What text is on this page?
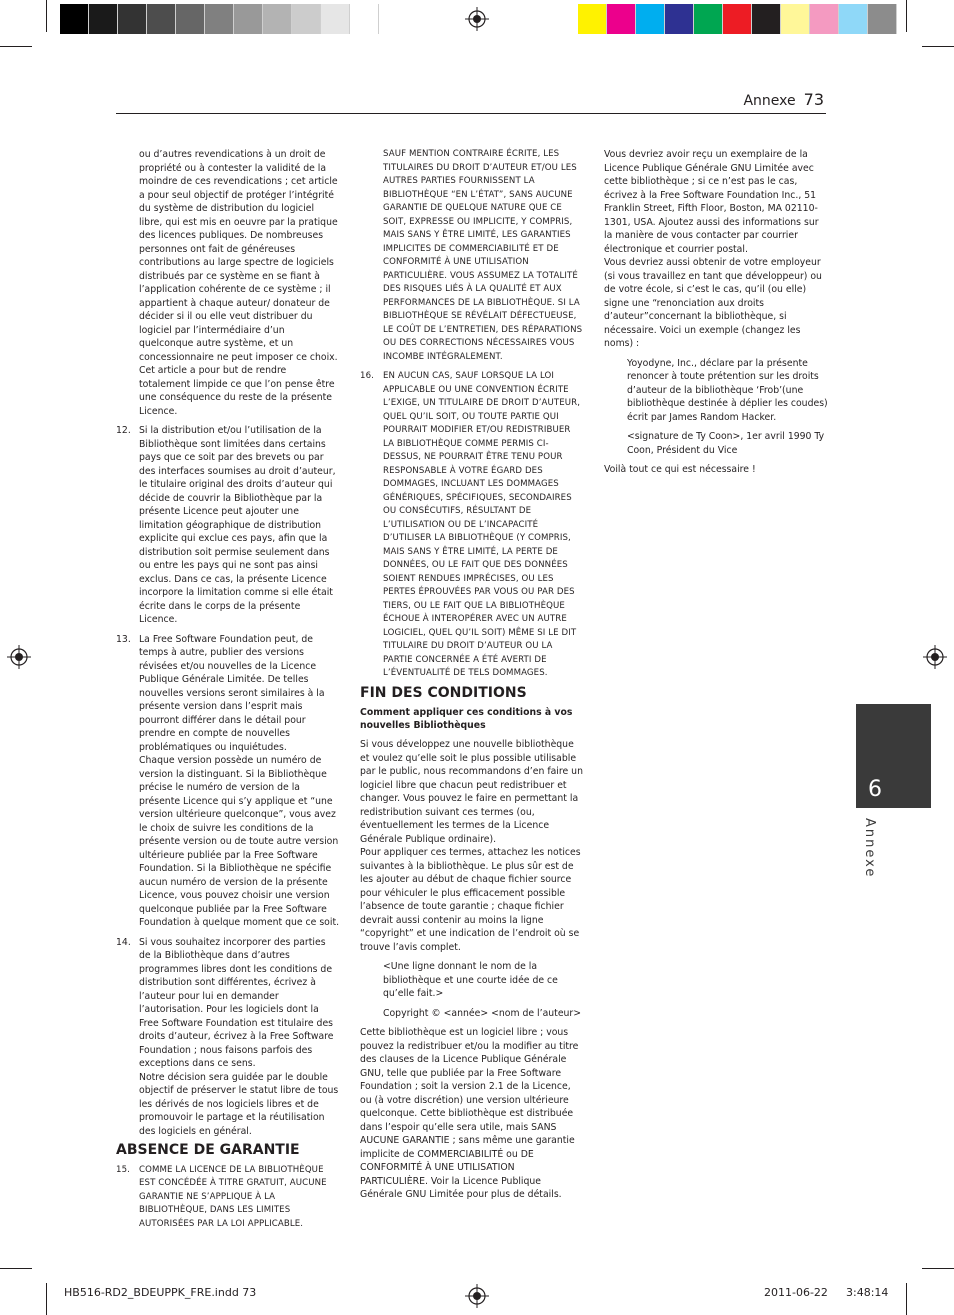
Annexe 73

ou d’autres revendications à un droit de propriété ou à contester la validité de la moindre de ces revendications ; cet article a pour seul objectif de protéger l’intégrité du système de distribution du logiciel libre, qui est mis en oeuvre par la pratique des licences publiques. De nombreuses personnes ont fait de généreuses contributions au large spectre de logiciels distribués par ce système en se fiant à l’application cohérente de ce système ; il appartient à chaque auteur/ donateur de décider si il ou elle veut distribuer du logiciel par l’intermédiaire d’un quelconque autre système, et un concessionnaire ne peut imposer ce choix.

Cet article a pour but de rendre totalement limpide ce que l’on pense être une conséquence du reste de la présente Licence.

12. Si la distribution et/ou l’utilisation de la Bibliothèque sont limitées dans certains pays que ce soit par des brevets ou par des interfaces soumises au droit d’auteur, le titulaire original des droits d’auteur qui décide de couvrir la Bibliothèque par la présente Licence peut ajouter une limitation géographique de distribution explicite qui exclue ces pays, afin que la distribution soit permise seulement dans ou entre les pays qui ne sont pas ainsi exclus. Dans ce cas, la présente Licence incorpore la limitation comme si elle était écrite dans le corps de la présente Licence.
13. La Free Software Foundation peut, de temps à autre, publier des versions révisées et/ou nouvelles de la Licence Publique Générale Limitée. De telles nouvelles versions seront similaires à la présente version dans l’esprit mais pourront différer dans le détail pour prendre en compte de nouvelles problématiques ou inquiétudes.
Chaque version possède un numéro de version la distinguant. Si la Bibliothèque précise le numéro de version de la présente Licence qui s’y applique et “une version ultérieure quelconque”, vous avez le choix de suivre les conditions de la présente version ou de toute autre version ultérieure publiée par la Free Software Foundation. Si la Bibliothèque ne spécifie aucun numéro de version de la présente Licence, vous pouvez choisir une version quelconque publiée par la Free Software Foundation à quelque moment que ce soit.
14. Si vous souhaitez incorporer des parties de la Bibliothèque dans d’autres programmes libres dont les conditions de distribution sont différentes, écrivez à l’auteur pour lui en demander l’autorisation. Pour les logiciels dont la Free Software Foundation est titulaire des droits d’auteur, écrivez à la Free Software Foundation ; nous faisons parfois des exceptions dans ce sens.
Notre décision sera guidée par le double objectif de préserver le statut libre de tous les dérivés de nos logiciels libres et de promouvoir le partage et la réutilisation des logiciels en général.
ABSENCE DE GARANTIE
15.	COMME LA LICENCE DE LA BIBLIOTHÈQUE EST CONCÉDÉE À TITRE GRATUIT, AUCUNE GARANTIE NE S’APPLIQUE À LA BIBLIOTHÈQUE, DANS LES LIMITES AUTORISÉES PAR LA LOI APPLICABLE.

SAUF MENTION CONTRAIRE ÉCRITE, LES TITULAIRES DU DROIT D’AUTEUR ET/OU LES AUTRES PARTIES FOURNISSENT LA BIBLIOTHÈQUE “EN L’ÉTAT”, SANS AUCUNE GARANTIE DE QUELQUE NATURE QUE CE SOIT, EXPRESSE OU IMPLICITE, Y COMPRIS, MAIS SANS Y ÊTRE LIMITÉ, LES GARANTIES IMPLICITES DE COMMERCIABILITÉ ET DE CONFORMITÉ À UNE UTILISATION PARTICULIÈRE. VOUS ASSUMEZ LA TOTALITÉ DES RISQUES LIÉS À LA QUALITÉ ET AUX PERFORMANCES DE LA BIBLIOTHÈQUE. SI LA BIBLIOTHÈQUE SE RÉVÉLAIT DÉFECTUEUSE, LE COÛT DE L’ENTRETIEN, DES RÉPARATIONS OU DES CORRECTIONS NÉCESSAIRES VOUS INCOMBE INTÉGRALEMENT.

16.	EN AUCUN CAS, SAUF LORSQUE LA LOI APPLICABLE OU UNE CONVENTION ÉCRITE L’EXIGE, UN TITULAIRE DE DROIT D’AUTEUR, QUEL QU’IL SOIT, OU TOUTE PARTIE QUI POURRAIT MODIFIER ET/OU REDISTRIBUER LA BIBLIOTHÈQUE COMME PERMIS CI-DESSUS, NE POURRAIT ÊTRE TENU POUR RESPONSABLE À VOTRE ÉGARD DES DOMMAGES, INCLUANT LES DOMMAGES GÉNÉRIQUES, SPÉCIFIQUES, SECONDAIRES OU CONSÉCUTIFS, RÉSULTANT DE L’UTILISATION OU DE L’INCAPACITÉ D’UTILISER LA BIBLIOTHÈQUE (Y COMPRIS, MAIS SANS Y ÊTRE LIMITÉ, LA PERTE DE DONNÉES, OU LE FAIT QUE DES DONNÉES SOIENT RENDUES IMPRÉCISES, OU LES PERTES ÉPROUVÉES PAR VOUS OU PAR DES TIERS, OU LE FAIT QUE LA BIBLIOTHÈQUE ÉCHOUE À INTEROPÉRER AVEC UN AUTRE LOGICIEL, QUEL QU’IL SOIT) MÊME SI LE DIT TITULAIRE DU DROIT D’AUTEUR OU LA PARTIE CONCERNÉE A ÉTÉ AVERTI DE L’ÉVENTUALITÉ DE TELS DOMMAGES.
FIN DES CONDITIONS
Comment appliquer ces conditions à vos nouvelles Bibliothèques

Si vous développez une nouvelle bibliothèque et voulez qu’elle soit le plus possible utilisable par le public, nous recommandons d’en faire un logiciel libre que chacun peut redistribuer et changer. Vous pouvez le faire en permettant la redistribution suivant ces termes (ou, éventuellement les termes de la Licence Générale Publique ordinaire).

Pour appliquer ces termes, attachez les notices suivantes à la bibliothèque. Le plus sûr est de les ajouter au début de chaque fichier source pour véhiculer le plus efficacement possible l’absence de toute garantie ; chaque fichier devrait aussi contenir au moins la ligne “copyright” et une indication de l’endroit où se trouve l’avis complet.

<Une ligne donnant le nom de la bibliothèque et une courte idée de ce qu’elle fait.>

Copyright © <année> <nom de l’auteur>

Cette bibliothèque est un logiciel libre ; vous pouvez la redistribuer et/ou la modifier au titre des clauses de la Licence Publique Générale GNU, telle que publiée par la Free Software Foundation ; soit la version 2.1 de la Licence, ou (à votre discrétion) une version ultérieure quelconque. Cette bibliothèque est distribuée dans l’espoir qu’elle sera utile, mais SANS AUCUNE GARANTIE ; sans même une garantie implicite de COMMERCIABILITÉ ou DE CONFORMITÉ À UNE UTILISATION PARTICULIÈRE. Voir la Licence Publique Générale GNU Limitée pour plus de détails.

Vous devriez avoir reçu un exemplaire de la Licence Publique Générale GNU Limitée avec cette bibliothèque ; si ce n’est pas le cas, écrivez à la Free Software Foundation Inc., 51 Franklin Street, Fifth Floor, Boston, MA 02110-1301, USA. Ajoutez aussi des informations sur la manière de vous contacter par courrier électronique et courrier postal.

Vous devriez aussi obtenir de votre employeur (si vous travaillez en tant que développeur) ou de votre école, si c’est le cas, qu’il (ou elle) signe une “renonciation aux droits d’auteur”concernant la bibliothèque, si nécessaire. Voici un exemple (changez les noms) :

Yoyodyne, Inc., déclare par la présente renoncer à toute prétention sur les droits d’auteur de la bibliothèque ‘Frob’(une bibliothèque destinée à déplier les coudes) écrit par James Random Hacker.

<signature de Ty Coon>, 1er avril 1990 Ty Coon, Président du Vice

Voilà tout ce qui est nécessaire !

6
Annexe
HB516-RD2_BDEUPPK_FRE.indd 73	2011-06-22 3:48:14
